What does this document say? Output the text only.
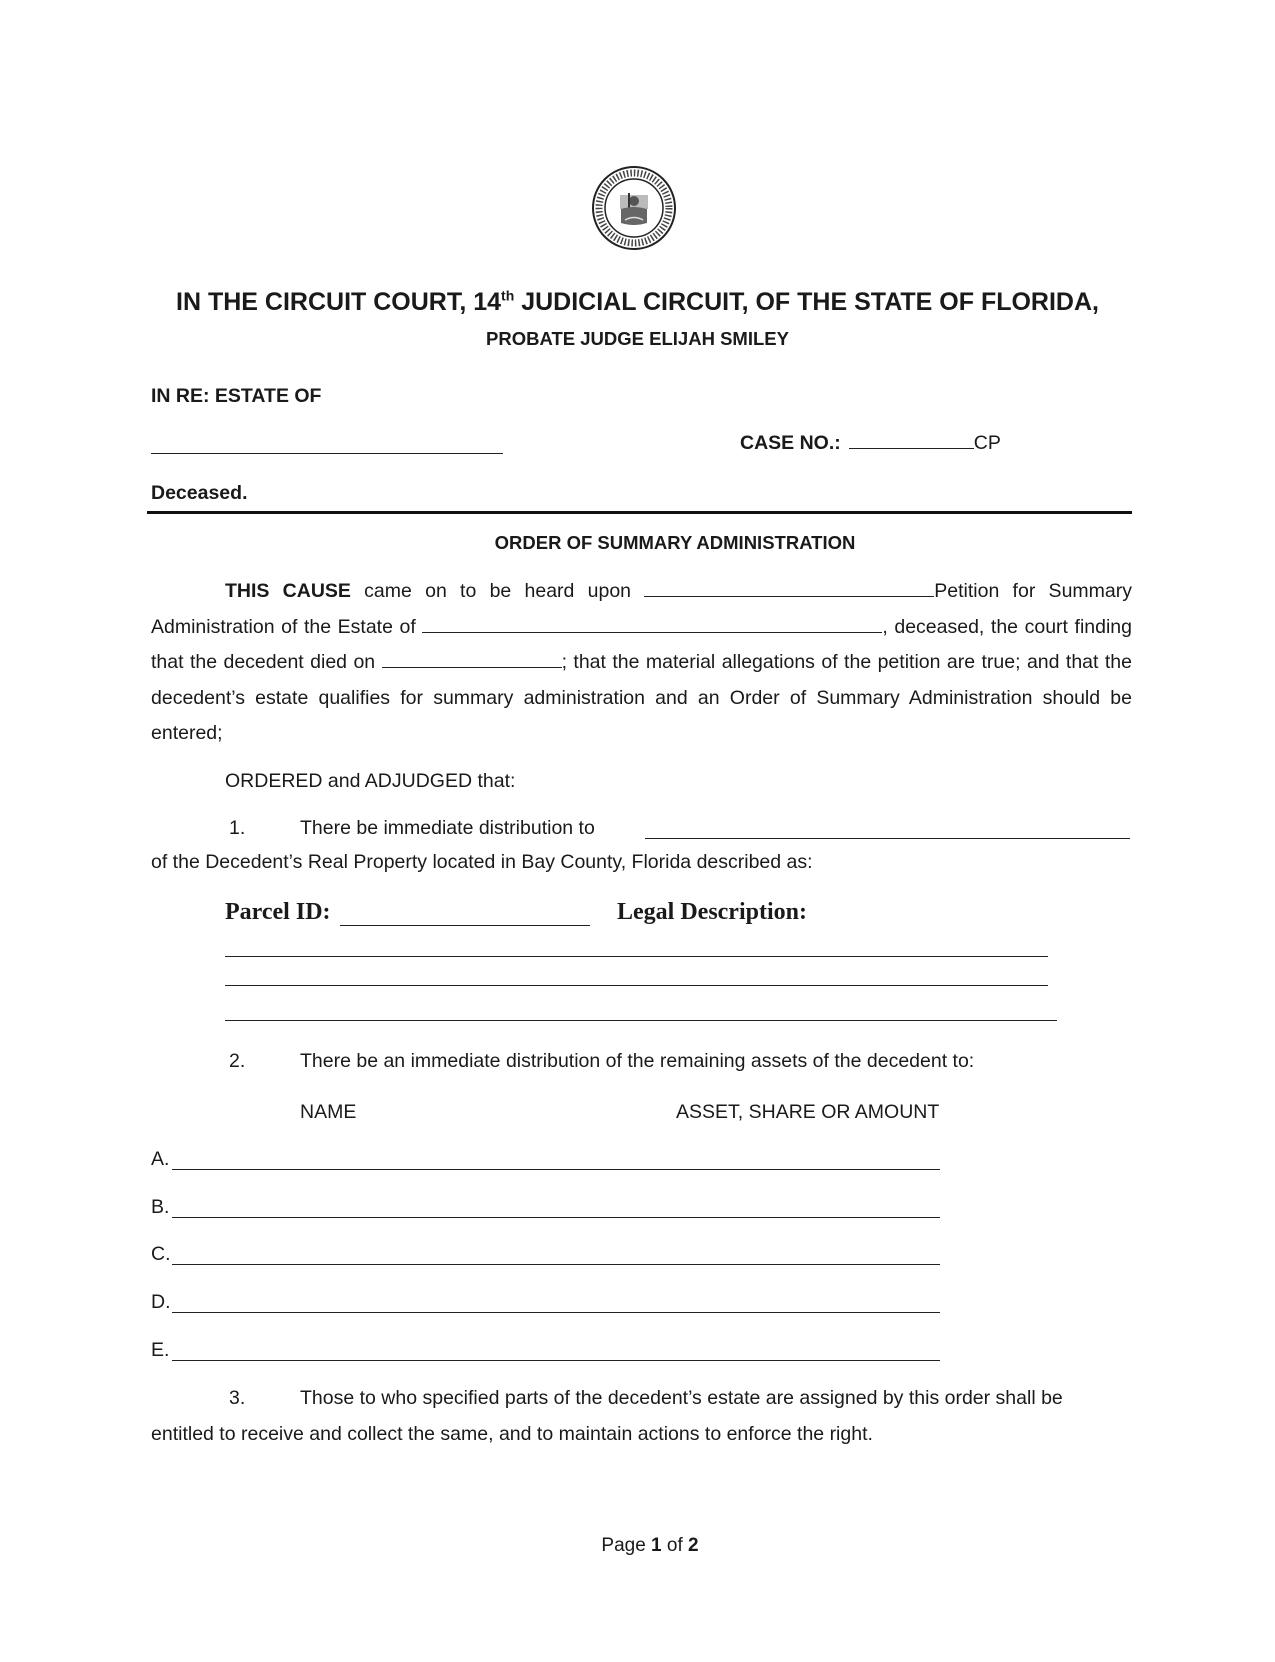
IN THE CIRCUIT COURT, 14th JUDICIAL CIRCUIT, OF THE STATE OF FLORIDA,
PROBATE JUDGE ELIJAH SMILEY
IN RE: ESTATE OF
CASE NO.:	CP
Deceased.
ORDER OF SUMMARY ADMINISTRATION
THIS CAUSE came on to be heard upon	Petition for Summary Administration of the Estate of	, deceased, the court finding that the decedent died on	; that the material allegations of the petition are true; and that the decedent’s estate qualifies for summary administration and an Order of Summary Administration should be entered;
ORDERED and ADJUDGED that:
1.	There be immediate distribution to
of the Decedent’s Real Property located in Bay County, Florida described as:
Parcel ID:	Legal Description:
2.	There be an immediate distribution of the remaining assets of the decedent to:
NAME	ASSET, SHARE OR AMOUNT
A.
B.
C.
D.
E.
3.	Those to who specified parts of the decedent’s estate are assigned by this order shall be
entitled to receive and collect the same, and to maintain actions to enforce the right.
Page 1 of 2
